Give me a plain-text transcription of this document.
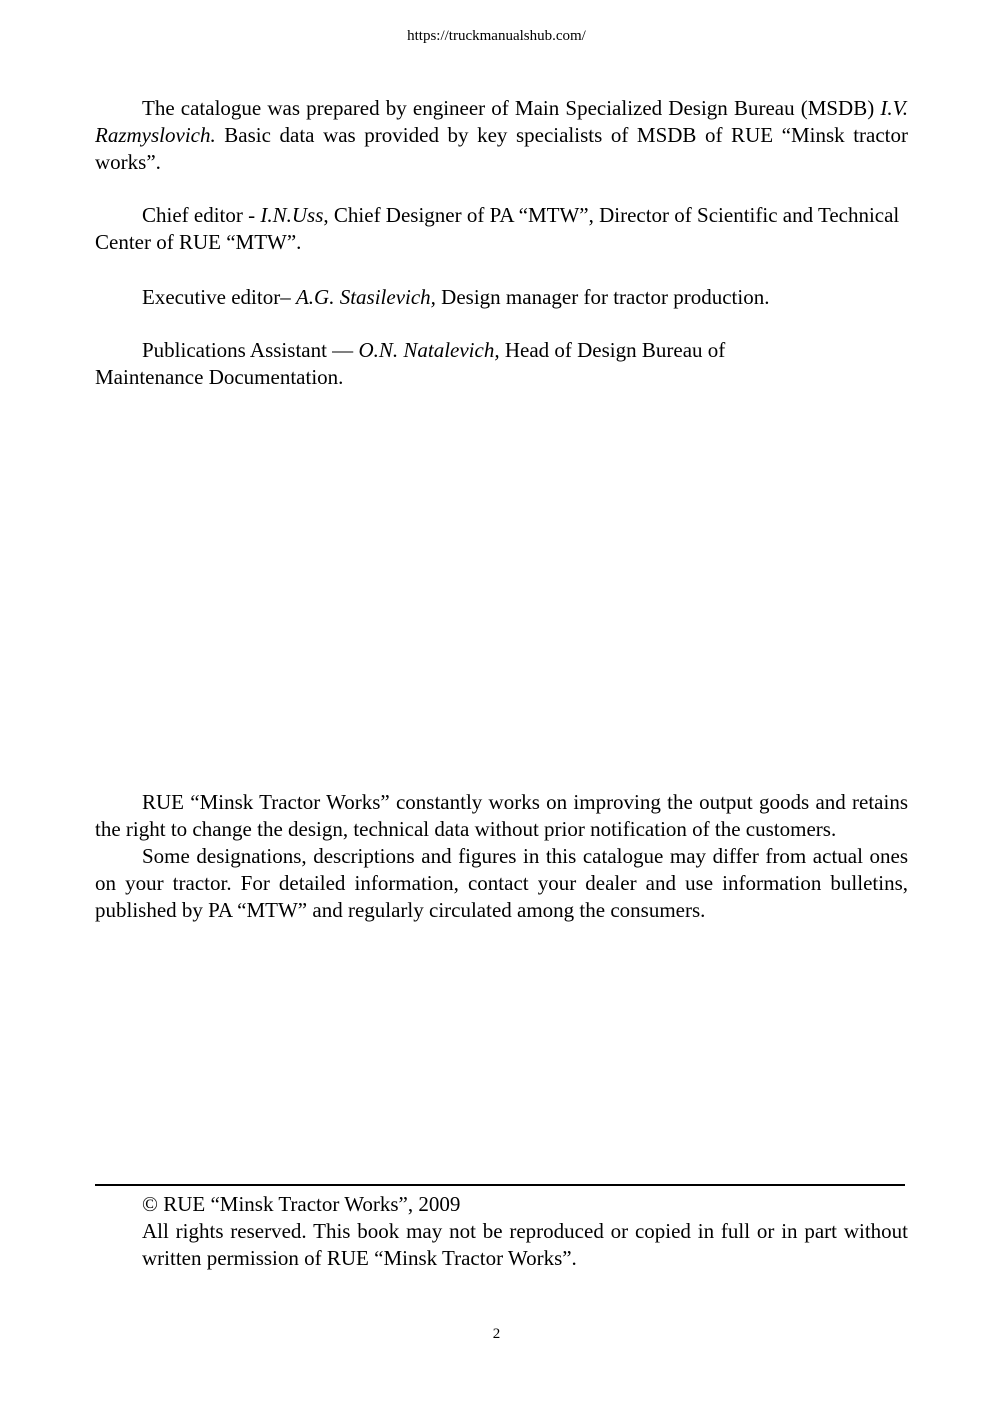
https://truckmanualshub.com/

The catalogue was prepared by engineer of Main Specialized Design Bureau (MSDB) I.V. Razmyslovich. Basic data was provided by key specialists of MSDB of RUE “Minsk tractor works”.

Chief editor - I.N.Uss, Chief Designer of PA “MTW”, Director of Scientific and Technical Center of RUE “MTW”.

Executive editor– A.G. Stasilevich, Design manager for tractor production.

Publications Assistant — O.N. Natalevich, Head of Design Bureau of Maintenance Documentation.

RUE “Minsk Tractor Works” constantly works on improving the output goods and retains the right to change the design, technical data without prior notification of the customers.

Some designations, descriptions and figures in this catalogue may differ from actual ones on your tractor. For detailed information, contact your dealer and use information bulletins, published by PA “MTW” and regularly circulated among the consumers.

© RUE “Minsk Tractor Works”, 2009

All rights reserved. This book may not be reproduced or copied in full or in part without written permission of RUE “Minsk Tractor Works”.

2
